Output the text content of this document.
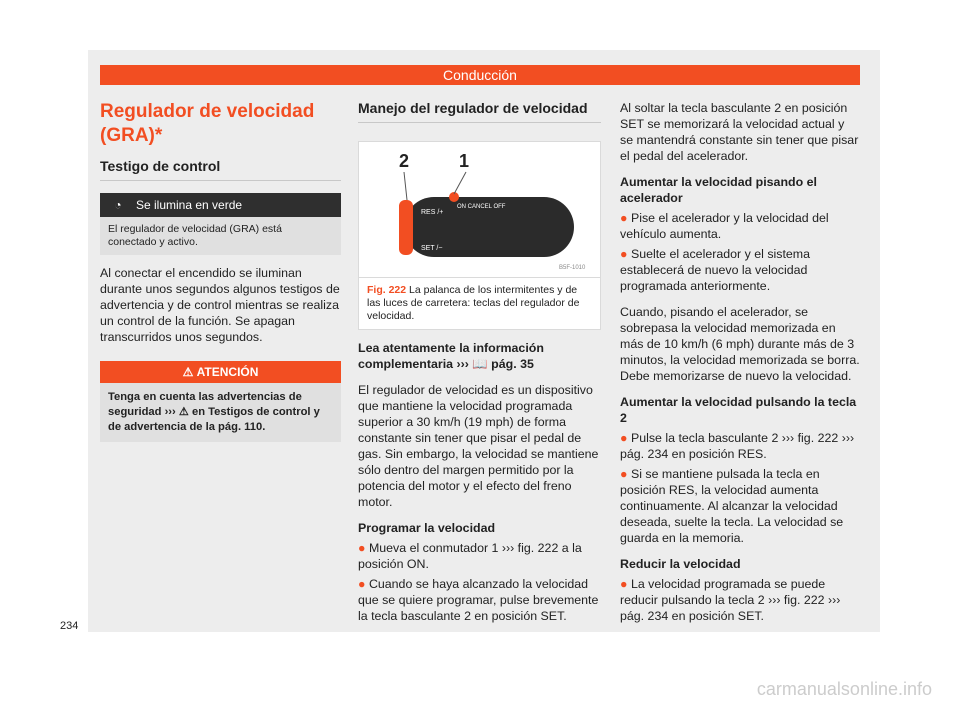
Conducción
Regulador de velocidad (GRA)*
Testigo de control
◔	Se ilumina en verde
El regulador de velocidad (GRA) está conectado y activo.

Al conectar el encendido se iluminan durante unos segundos algunos testigos de advertencia y de control mientras se realiza un control de la función. Se apagan transcurridos unos segundos.

⚠ ATENCIÓN
Tenga en cuenta las advertencias de seguridad ››› ⚠ en Testigos de control y de advertencia de la pág. 110.
Manejo del regulador de velocidad
2	1
RES /+
ON CANCEL OFF
SET /−
B5F-1010
Fig. 222 La palanca de los intermitentes y de las luces de carretera: teclas del regulador de velocidad.

Lea atentamente la información complementaria ››› 📖 pág. 35

El regulador de velocidad es un dispositivo que mantiene la velocidad programada superior a 30 km/h (19 mph) de forma constante sin tener que pisar el pedal de gas. Sin embargo, la velocidad se mantiene sólo dentro del margen permitido por la potencia del motor y el efecto del freno motor.

Programar la velocidad

● Mueva el conmutador 1 ››› fig. 222 a la posición ON.
● Cuando se haya alcanzado la velocidad que se quiere programar, pulse brevemente la tecla basculante 2 en posición SET.
Al soltar la tecla basculante 2 en posición SET se memorizará la velocidad actual y se mantendrá constante sin tener que pisar el pedal del acelerador.

Aumentar la velocidad pisando el acelerador

● Pise el acelerador y la velocidad del vehículo aumenta.
● Suelte el acelerador y el sistema establecerá de nuevo la velocidad programada anteriormente.

Cuando, pisando el acelerador, se sobrepasa la velocidad memorizada en más de 10 km/h (6 mph) durante más de 3 minutos, la velocidad memorizada se borra. Debe memorizarse de nuevo la velocidad.

Aumentar la velocidad pulsando la tecla 2

● Pulse la tecla basculante 2 ››› fig. 222 ››› pág. 234 en posición RES.
● Si se mantiene pulsada la tecla en posición RES, la velocidad aumenta continuamente. Al alcanzar la velocidad deseada, suelte la tecla. La velocidad se guarda en la memoria.

Reducir la velocidad

● La velocidad programada se puede reducir pulsando la tecla 2 ››› fig. 222 ››› pág. 234 en posición SET.
234
carmanualsonline.info
